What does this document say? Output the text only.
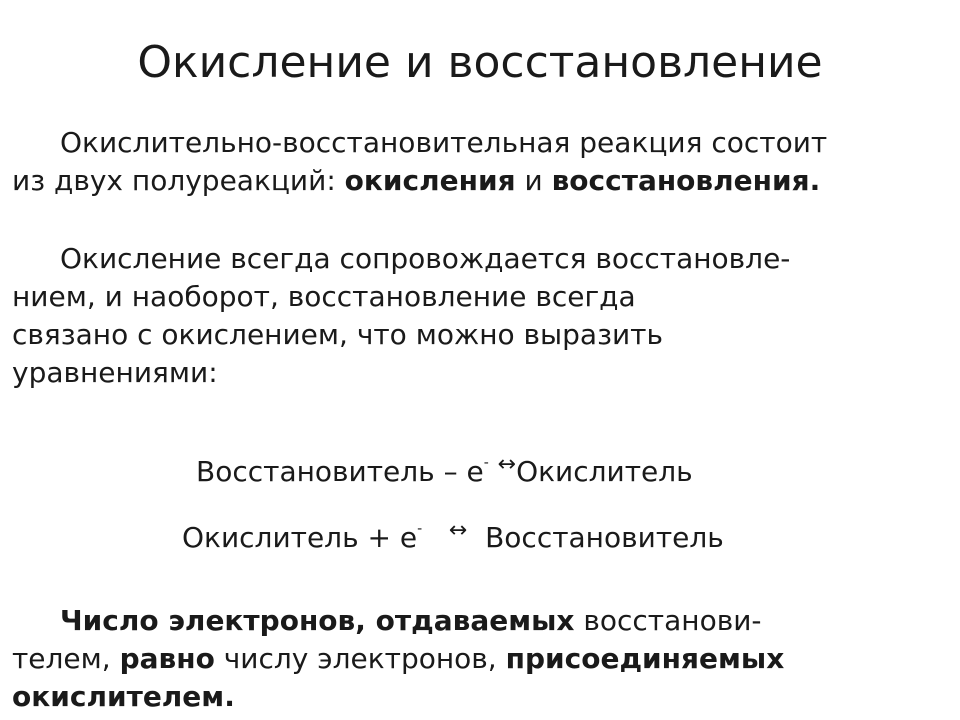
Окисление и восстановление

Окислительно-восстановительная реакция состоит
из двух полуреакций: окисления и восстановления.

Окисление всегда сопровождается восстановле-
нием, и наоборот, восстановление всегда
связано с окислением, что можно выразить
уравнениями:

Восстановитель – е- ↔Окислитель
Окислитель + е- ↔ Восстановитель

Число электронов, отдаваемых восстанови-
телем, равно числу электронов, присоединяемых
окислителем.
